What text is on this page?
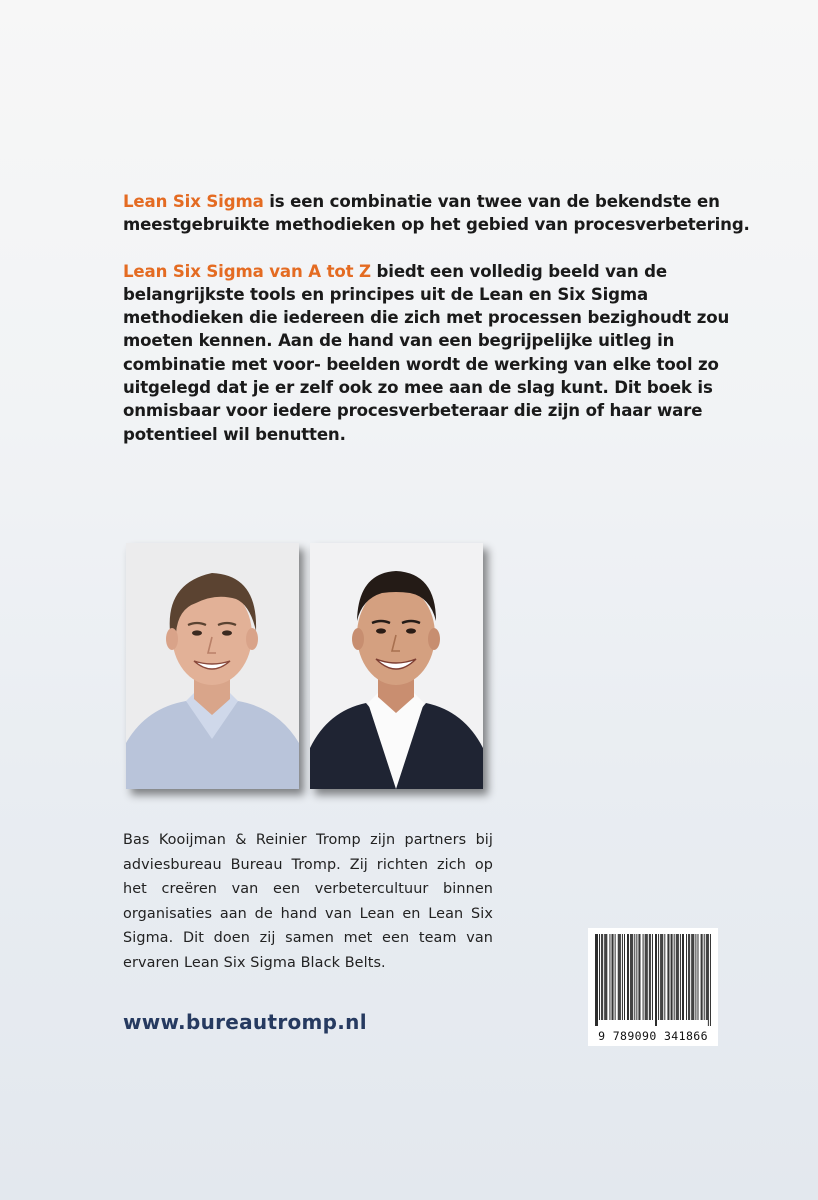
Lean Six Sigma is een combinatie van twee van de bekendste en meestgebruikte methodieken op het gebied van procesverbetering.

Lean Six Sigma van A tot Z biedt een volledig beeld van de belangrijkste tools en principes uit de Lean en Six Sigma methodieken die iedereen die zich met processen bezighoudt zou moeten kennen. Aan de hand van een begrijpelijke uitleg in combinatie met voor- beelden wordt de werking van elke tool zo uitgelegd dat je er zelf ook zo mee aan de slag kunt. Dit boek is onmisbaar voor iedere procesverbeteraar die zijn of haar ware potentieel wil benutten.

Bas Kooijman & Reinier Tromp zijn partners bij adviesbureau Bureau Tromp. Zij richten zich op het creëren van een verbetercultuur binnen organisaties aan de hand van Lean en Lean Six Sigma. Dit doen zij samen met een team van ervaren Lean Six Sigma Black Belts.
www.bureautromp.nl
9 789090 341866
